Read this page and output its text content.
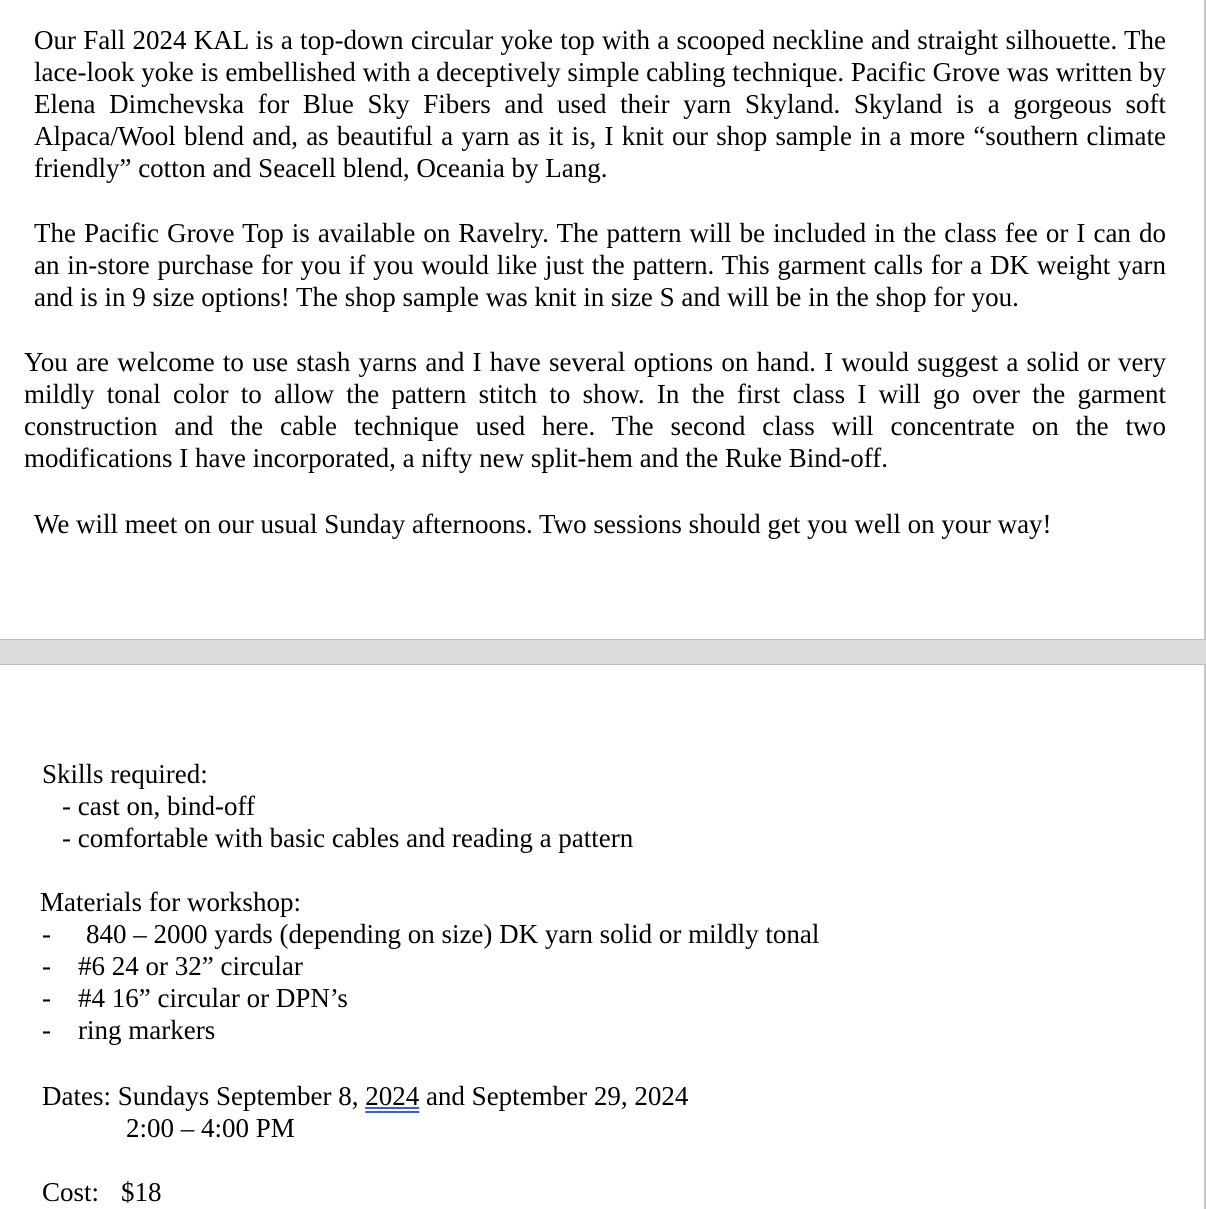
Our Fall 2024 KAL is a top-down circular yoke top with a scooped neckline and straight silhouette. The lace-look yoke is embellished with a deceptively simple cabling technique. Pacific Grove was written by Elena Dimchevska for Blue Sky Fibers and used their yarn Skyland. Skyland is a gorgeous soft Alpaca/Wool blend and, as beautiful a yarn as it is, I knit our shop sample in a more “southern climate friendly” cotton and Seacell blend, Oceania by Lang.

The Pacific Grove Top is available on Ravelry. The pattern will be included in the class fee or I can do an in-store purchase for you if you would like just the pattern. This garment calls for a DK weight yarn and is in 9 size options! The shop sample was knit in size S and will be in the shop for you.

You are welcome to use stash yarns and I have several options on hand. I would suggest a solid or very mildly tonal color to allow the pattern stitch to show. In the first class I will go over the garment construction and the cable technique used here. The second class will concentrate on the two modifications I have incorporated, a nifty new split-hem and the Ruke Bind-off.

We will meet on our usual Sunday afternoons. Two sessions should get you well on your way!

Skills required:

- cast on, bind-off

- comfortable with basic cables and reading a pattern

Materials for workshop:

- 840 – 2000 yards (depending on size) DK yarn solid or mildly tonal

- #6 24 or 32” circular

- #4 16” circular or DPN’s

- ring markers

Dates: Sundays September 8, 2024 and September 29, 2024

2:00 – 4:00 PM

Cost: $18
